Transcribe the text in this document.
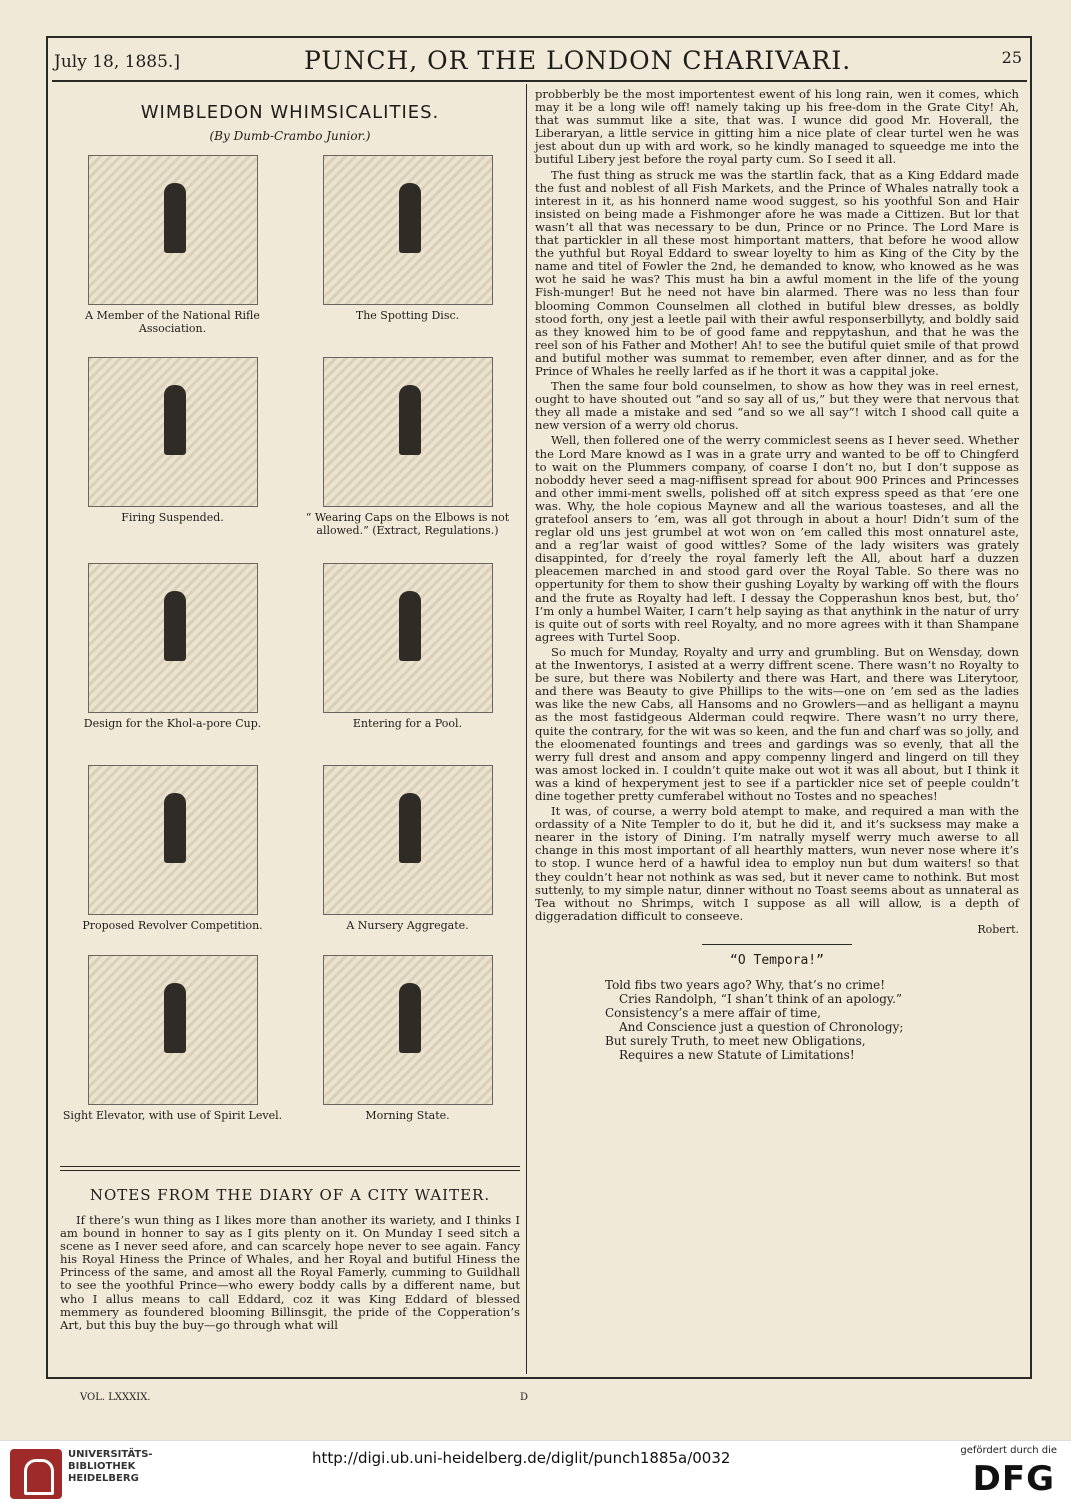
July 18, 1885.]	PUNCH, OR THE LONDON CHARIVARI.	25
WIMBLEDON WHIMSICALITIES.
(By Dumb-Crambo Junior.)
A Member of the National Rifle Association.
The Spotting Disc.
Firing Suspended.	“ Wearing Caps on the Elbows is not allowed.” (Extract, Regulations.)
Design for the Khol-a-pore Cup.	Entering for a Pool.
Proposed Revolver Competition.	A Nursery Aggregate.
Sight Elevator, with use of Spirit Level.	Morning State.
NOTES FROM THE DIARY OF A CITY WAITER.

If there’s wun thing as I likes more than another its wariety, and I thinks I am bound in honner to say as I gits plenty on it. On Munday I seed sitch a scene as I never seed afore, and can scarcely hope never to see again. Fancy his Royal Hiness the Prince of Whales, and her Royal and butiful Hiness the Princess of the same, and amost all the Royal Famerly, cumming to Guildhall to see the yoothful Prince—who ewery boddy calls by a different name, but who I allus means to call Eddard, coz it was King Eddard of blessed memmery as foundered blooming Billinsgit, the pride of the Copperation’s Art, but this buy the buy—go through what will

probberbly be the most importentest ewent of his long rain, wen it comes, which may it be a long wile off! namely taking up his free-dom in the Grate City! Ah, that was summut like a site, that was. I wunce did good Mr. Hoverall, the Liberaryan, a little service in gitting him a nice plate of clear turtel wen he was jest about dun up with ard work, so he kindly managed to squeedge me into the butiful Libery jest before the royal party cum. So I seed it all.

The fust thing as struck me was the startlin fack, that as a King Eddard made the fust and noblest of all Fish Markets, and the Prince of Whales natrally took a interest in it, as his honnerd name wood suggest, so his yoothful Son and Hair insisted on being made a Fishmonger afore he was made a Cittizen. But lor that wasn’t all that was necessary to be dun, Prince or no Prince. The Lord Mare is that partickler in all these most himportant matters, that before he wood allow the yuthful but Royal Eddard to swear loyelty to him as King of the City by the name and titel of Fowler the 2nd, he demanded to know, who knowed as he was wot he said he was? This must ha bin a awful moment in the life of the young Fish-munger! But he need not have bin alarmed. There was no less than four blooming Common Counselmen all clothed in butiful blew dresses, as boldly stood forth, ony jest a leetle pail with their awful responserbillyty, and boldly said as they knowed him to be of good fame and reppytashun, and that he was the reel son of his Father and Mother! Ah! to see the butiful quiet smile of that prowd and butiful mother was summat to remember, even after dinner, and as for the Prince of Whales he reelly larfed as if he thort it was a cappital joke.

Then the same four bold counselmen, to show as how they was in reel ernest, ought to have shouted out “and so say all of us,” but they were that nervous that they all made a mistake and sed “and so we all say”! witch I shood call quite a new version of a werry old chorus.

Well, then follered one of the werry commiclest seens as I hever seed. Whether the Lord Mare knowd as I was in a grate urry and wanted to be off to Chingferd to wait on the Plummers company, of coarse I don’t no, but I don’t suppose as noboddy hever seed a mag-niffisent spread for about 900 Princes and Princesses and other immi-ment swells, polished off at sitch express speed as that ’ere one was. Why, the hole copious Maynew and all the warious toasteses, and all the gratefool ansers to ’em, was all got through in about a hour! Didn’t sum of the reglar old uns jest grumbel at wot won on ’em called this most onnaturel aste, and a reg’lar waist of good wittles? Some of the lady wisiters was grately disappinted, for d’reely the royal famerly left the All, about harf a duzzen pleacemen marched in and stood gard over the Royal Table. So there was no oppertunity for them to show their gushing Loyalty by warking off with the flours and the frute as Royalty had left. I dessay the Copperashun knos best, but, tho’ I’m only a humbel Waiter, I carn’t help saying as that anythink in the natur of urry is quite out of sorts with reel Royalty, and no more agrees with it than Shampane agrees with Turtel Soop.

So much for Munday, Royalty and urry and grumbling. But on Wensday, down at the Inwentorys, I asisted at a werry diffrent scene. There wasn’t no Royalty to be sure, but there was Nobilerty and there was Hart, and there was Literytoor, and there was Beauty to give Phillips to the wits—one on ’em sed as the ladies was like the new Cabs, all Hansoms and no Growlers—and as helligant a maynu as the most fastidgeous Alderman could reqwire. There wasn’t no urry there, quite the contrary, for the wit was so keen, and the fun and charf was so jolly, and the eloomenated fountings and trees and gardings was so evenly, that all the werry full drest and ansom and appy compenny lingerd and lingerd on till they was amost locked in. I couldn’t quite make out wot it was all about, but I think it was a kind of hexperyment jest to see if a partickler nice set of peeple couldn’t dine together pretty cumferabel without no Tostes and no speaches!

It was, of course, a werry bold atempt to make, and required a man with the ordassity of a Nite Templer to do it, but he did it, and it’s sucksess may make a nearer in the istory of Dining. I’m natrally myself werry much awerse to all change in this most important of all hearthly matters, wun never nose where it’s to stop. I wunce herd of a hawful idea to employ nun but dum waiters! so that they couldn’t hear not nothink as was sed, but it never came to nothink. But most suttenly, to my simple natur, dinner without no Toast seems about as unnateral as Tea without no Shrimps, witch I suppose as all will allow, is a depth of diggeradation difficult to conseeve.

Robert.
“O Tempora!”
Told fibs two years ago? Why, that’s no crime!
Cries Randolph, “I shan’t think of an apology.”
Consistency’s a mere affair of time,
And Conscience just a question of Chronology;
But surely Truth, to meet new Obligations,
Requires a new Statute of Limitations!
VOL. LXXXIX.	D
UNIVERSITÄTS-
BIBLIOTHEK
HEIDELBERG
http://digi.ub.uni-heidelberg.de/diglit/punch1885a/0032	gefördert durch die
DFG
